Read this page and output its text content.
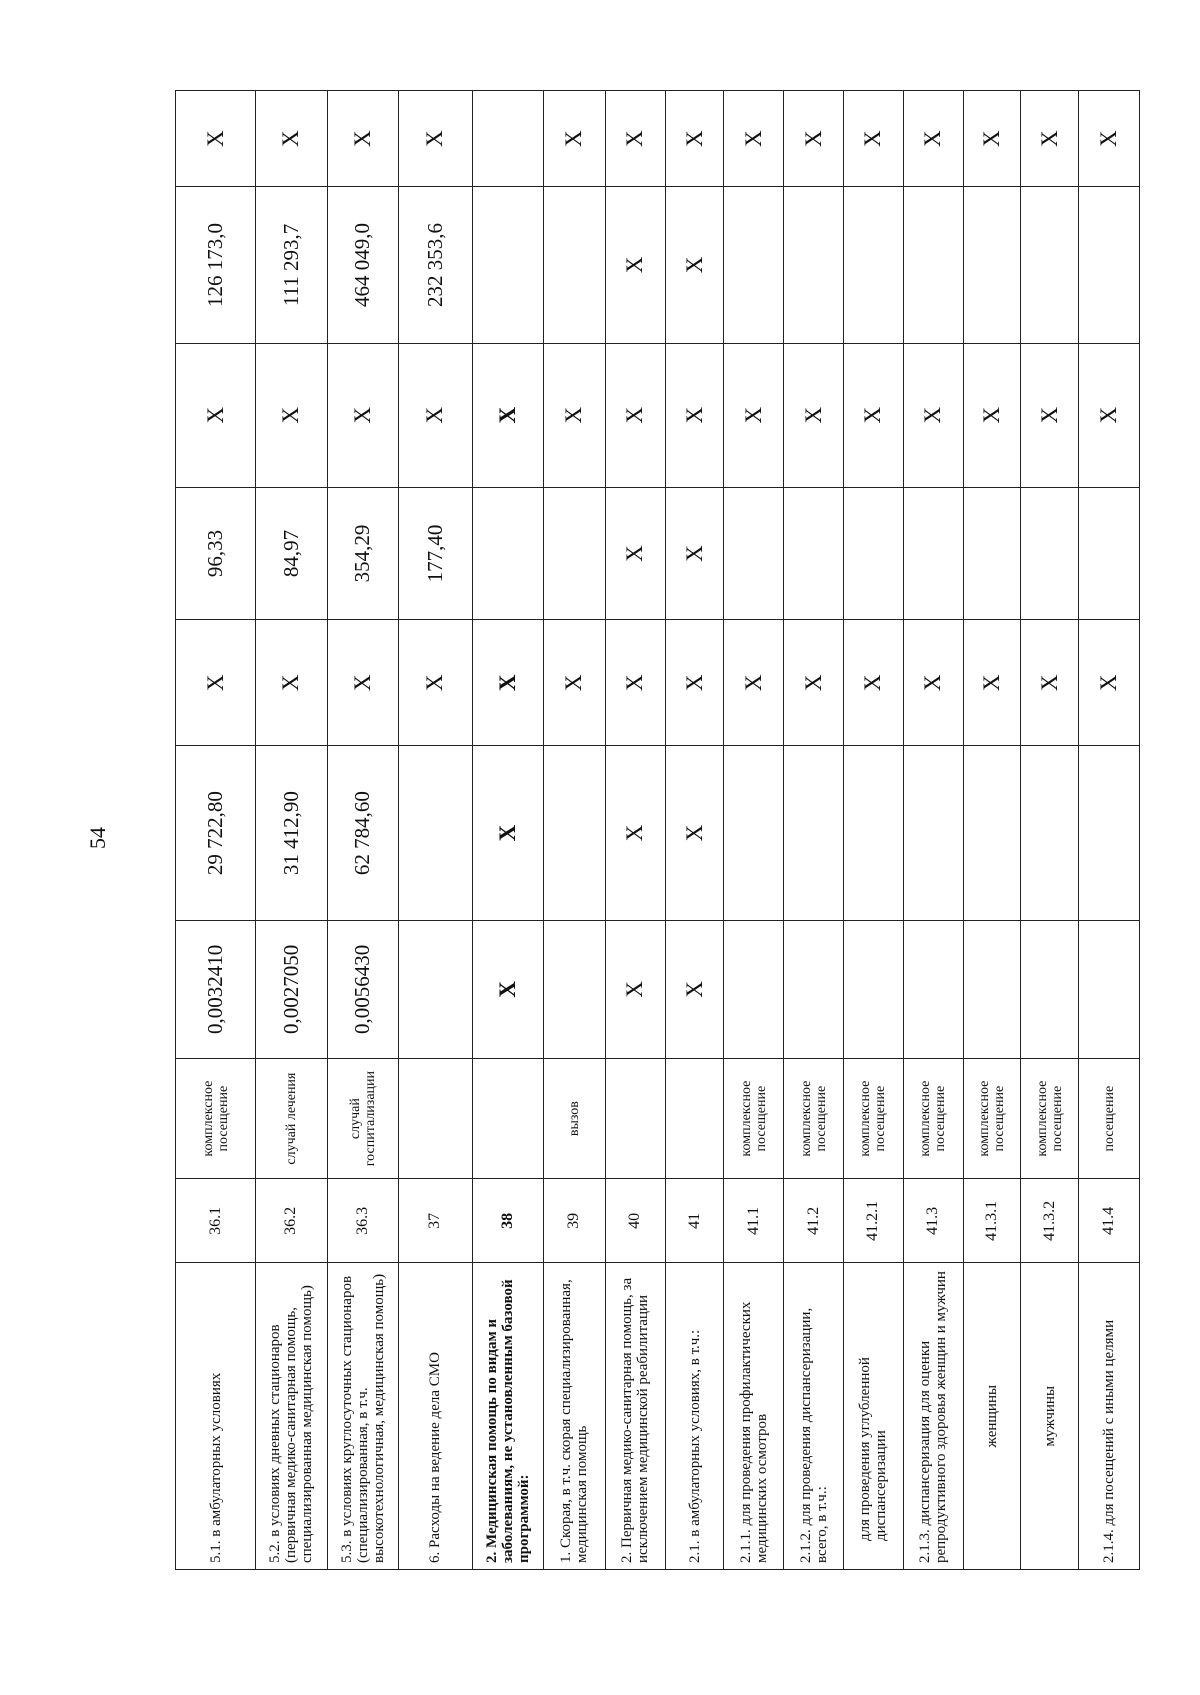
54
5.1. в амбулаторных условиях	36.1	комплексное посещение	0,0032410	29 722,80	X	96,33	X	126 173,0	X
5.2. в условиях дневных стационаров (первичная медико-санитарная помощь, специализированная медицинская помощь)	36.2	случай лечения	0,0027050	31 412,90	X	84,97	X	111 293,7	X
5.3. в условиях круглосуточных стационаров (специализированная, в т.ч. высокотехнологичная, медицинская помощь)	36.3	случай госпитализации	0,0056430	62 784,60	X	354,29	X	464 049,0	X
6. Расходы на ведение дела СМО	37				X	177,40	X	232 353,6	X
2. Медицинская помощь по видам и заболеваниям, не установленным базовой программой:	38		X	X	X		X		
1. Скорая, в т.ч. скорая специализированная, медицинская помощь	39	вызов			X		X		X
2. Первичная медико-санитарная помощь, за исключением медицинской реабилитации	40		X	X	X	X	X	X	X
2.1. в амбулаторных условиях, в т.ч.:	41		X	X	X	X	X	X	X
2.1.1. для проведения профилактических медицинских осмотров	41.1	комплексное посещение			X		X		X
2.1.2. для проведения диспансеризации, всего, в т.ч.:	41.2	комплексное посещение			X		X		X
для проведения углубленной диспансеризации	41.2.1	комплексное посещение			X		X		X
2.1.3. диспансеризация для оценки репродуктивного здоровья женщин и мужчин	41.3	комплексное посещение			X		X		X
женщины	41.3.1	комплексное посещение			X		X		X
мужчины	41.3.2	комплексное посещение			X		X		X
2.1.4. для посещений с иными целями	41.4	посещение			X		X		X
